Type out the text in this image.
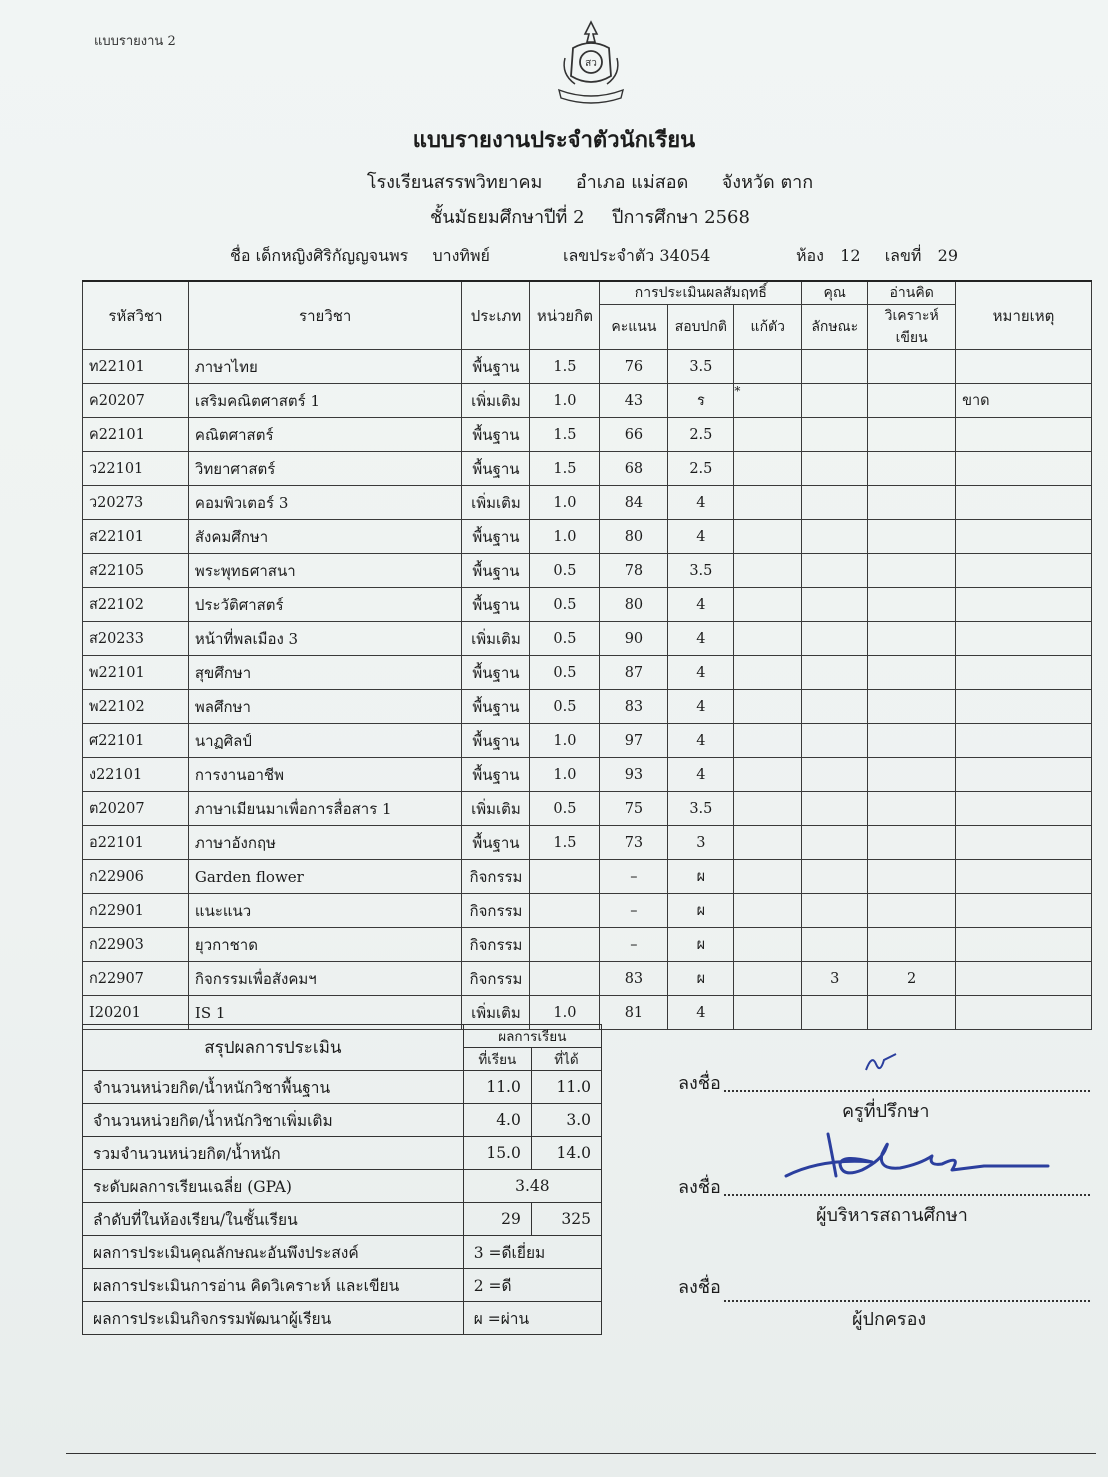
แบบรายงาน 2
สว
แบบรายงานประจำตัวนักเรียน
โรงเรียนสรรพวิทยาคม อำเภอ แม่สอด จังหวัด ตาก
ชั้นมัธยมศึกษาปีที่ 2 ปีการศึกษา 2568
ชื่อ เด็กหญิงศิริกัญญจนพร บางทิพย์	เลขประจำตัว 34054	ห้อง 12 เลขที่ 29
รหัสวิชา	รายวิชา	ประเภท	หน่วยกิต	การประเมินผลสัมฤทธิ์			คุณ	อ่านคิด	หมายเหตุ
				คะแนน	สอบปกติ	แก้ตัว	ลักษณะ	วิเคราะห์เขียน	
ท22101	ภาษาไทย	พื้นฐาน	1.5	76	3.5				
ค20207	เสริมคณิตศาสตร์ 1	เพิ่มเติม	1.0	43	ร	*			ขาด
ค22101	คณิตศาสตร์	พื้นฐาน	1.5	66	2.5				
ว22101	วิทยาศาสตร์	พื้นฐาน	1.5	68	2.5				
ว20273	คอมพิวเตอร์ 3	เพิ่มเติม	1.0	84	4				
ส22101	สังคมศึกษา	พื้นฐาน	1.0	80	4				
ส22105	พระพุทธศาสนา	พื้นฐาน	0.5	78	3.5				
ส22102	ประวัติศาสตร์	พื้นฐาน	0.5	80	4				
ส20233	หน้าที่พลเมือง 3	เพิ่มเติม	0.5	90	4				
พ22101	สุขศึกษา	พื้นฐาน	0.5	87	4				
พ22102	พลศึกษา	พื้นฐาน	0.5	83	4				
ศ22101	นาฏศิลป์	พื้นฐาน	1.0	97	4				
ง22101	การงานอาชีพ	พื้นฐาน	1.0	93	4				
ต20207	ภาษาเมียนมาเพื่อการสื่อสาร 1	เพิ่มเติม	0.5	75	3.5				
อ22101	ภาษาอังกฤษ	พื้นฐาน	1.5	73	3				
ก22906	Garden flower	กิจกรรม		–	ผ				
ก22901	แนะแนว	กิจกรรม		–	ผ				
ก22903	ยุวกาชาด	กิจกรรม		–	ผ				
ก22907	กิจกรรมเพื่อสังคมฯ	กิจกรรม		83	ผ		3	2	
I20201	IS 1	เพิ่มเติม	1.0	81	4				
สรุปผลการประเมิน	ผลการเรียน	
	ที่เรียน	ที่ได้
จำนวนหน่วยกิต/น้ำหนักวิชาพื้นฐาน	11.0	11.0
จำนวนหน่วยกิต/น้ำหนักวิชาเพิ่มเติม	4.0	3.0
รวมจำนวนหน่วยกิต/น้ำหนัก	15.0	14.0
ระดับผลการเรียนเฉลี่ย (GPA)	3.48	
ลำดับที่ในห้องเรียน/ในชั้นเรียน	29	325
ผลการประเมินคุณลักษณะอันพึงประสงค์	3 =ดีเยี่ยม	
ผลการประเมินการอ่าน คิดวิเคราะห์ และเขียน	2 =ดี	
ผลการประเมินกิจกรรมพัฒนาผู้เรียน	ผ =ผ่าน	
ลงชื่อ
ครูที่ปรึกษา
ลงชื่อ
ผู้บริหารสถานศึกษา
ลงชื่อ
ผู้ปกครอง
